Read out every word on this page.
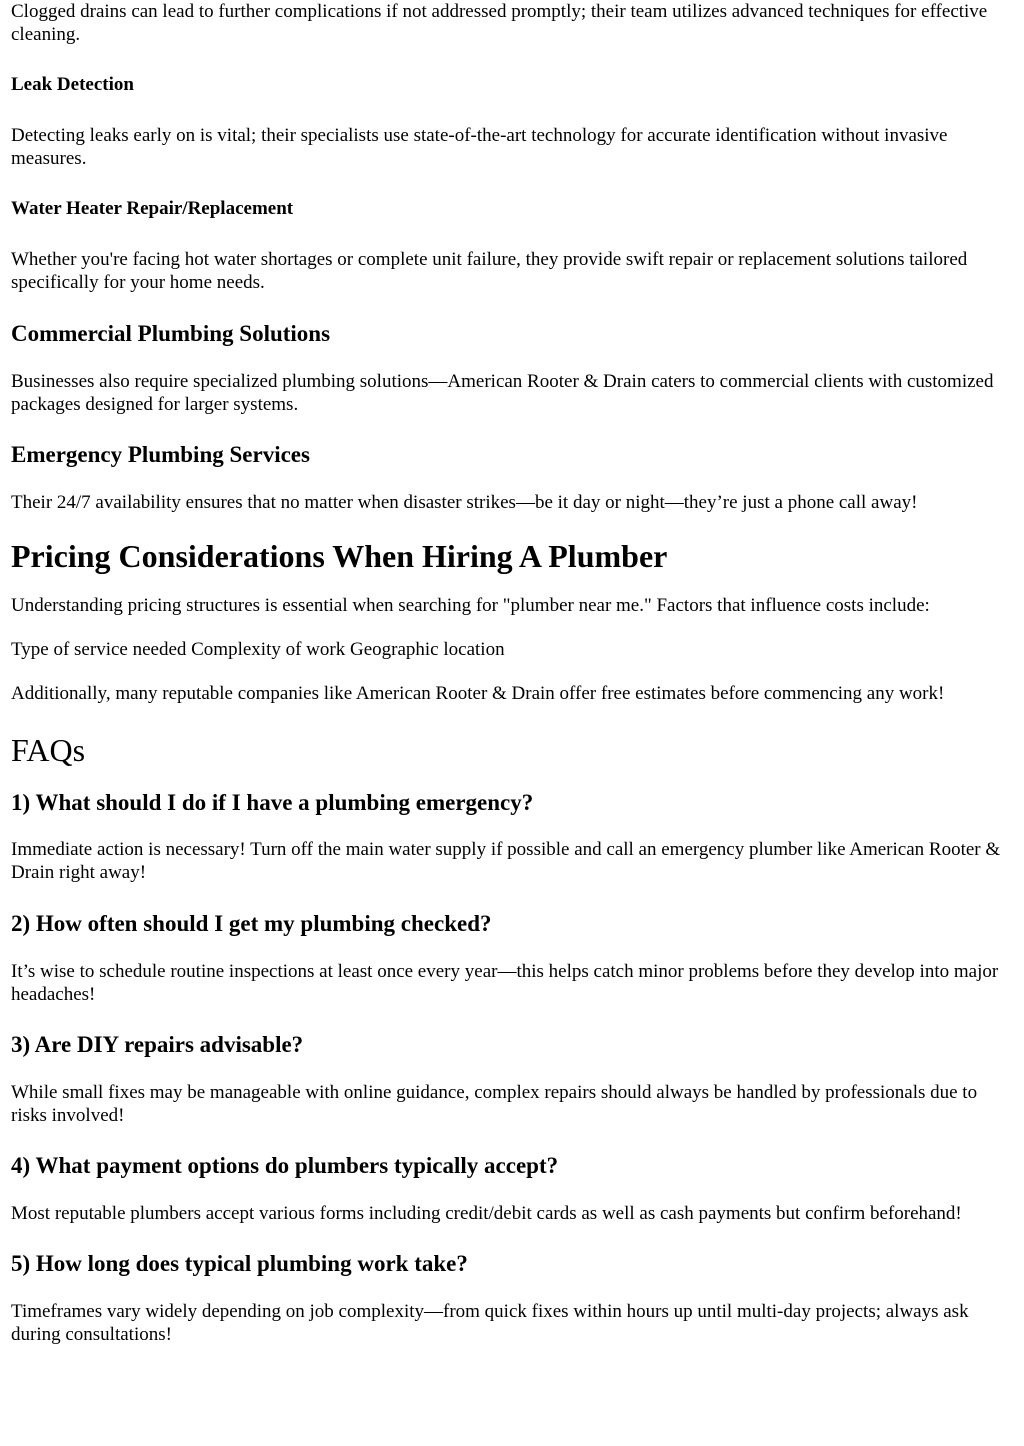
Clogged drains can lead to further complications if not addressed promptly; their team utilizes advanced techniques for effective cleaning.

Leak Detection

Detecting leaks early on is vital; their specialists use state-of-the-art technology for accurate identification without invasive measures.

Water Heater Repair/Replacement

Whether you're facing hot water shortages or complete unit failure, they provide swift repair or replacement solutions tailored specifically for your home needs.

Commercial Plumbing Solutions

Businesses also require specialized plumbing solutions—American Rooter & Drain caters to commercial clients with customized packages designed for larger systems.

Emergency Plumbing Services

Their 24/7 availability ensures that no matter when disaster strikes—be it day or night—they’re just a phone call away!

Pricing Considerations When Hiring A Plumber

Understanding pricing structures is essential when searching for "plumber near me." Factors that influence costs include:

Type of service needed Complexity of work Geographic location

Additionally, many reputable companies like American Rooter & Drain offer free estimates before commencing any work!

FAQs
1) What should I do if I have a plumbing emergency?

Immediate action is necessary! Turn off the main water supply if possible and call an emergency plumber like American Rooter & Drain right away!

2) How often should I get my plumbing checked?

It’s wise to schedule routine inspections at least once every year—this helps catch minor problems before they develop into major headaches!

3) Are DIY repairs advisable?

While small fixes may be manageable with online guidance, complex repairs should always be handled by professionals due to risks involved!

4) What payment options do plumbers typically accept?

Most reputable plumbers accept various forms including credit/debit cards as well as cash payments but confirm beforehand!

5) How long does typical plumbing work take?

Timeframes vary widely depending on job complexity—from quick fixes within hours up until multi-day projects; always ask during consultations!
